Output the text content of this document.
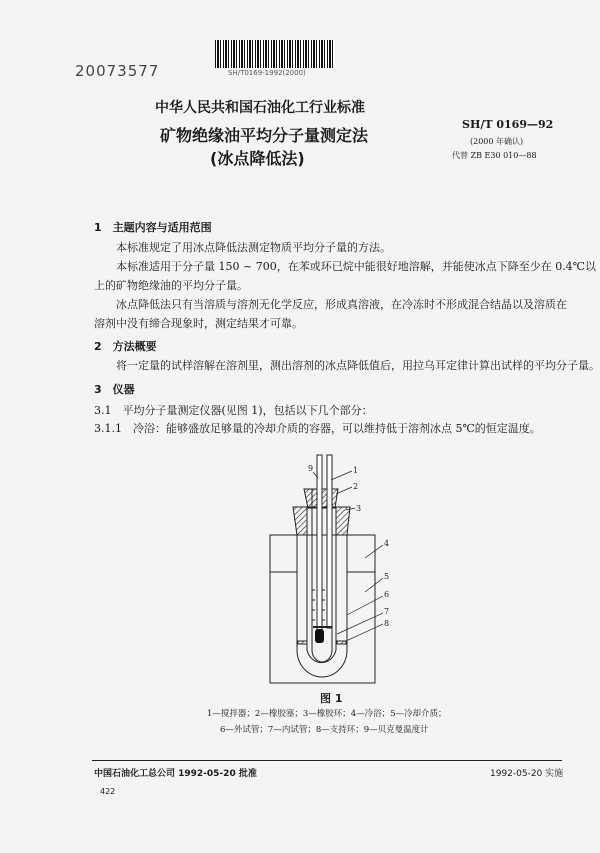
20073577	SH/T0169-1992(2000)
中华人民共和国石油化工行业标准
SH/T 0169—92
(2000 年确认)
代替 ZB E30 010—88
矿物绝缘油平均分子量测定法
(冰点降低法)
1　主题内容与适用范围
本标准规定了用冰点降低法测定物质平均分子量的方法。
本标准适用于分子量 150 ~ 700，在苯或环已烷中能很好地溶解，并能使冰点下降至少在 0.4℃以
上的矿物绝缘油的平均分子量。
冰点降低法只有当溶质与溶剂无化学反应，形成真溶液，在冷冻时不形成混合结晶以及溶质在
溶剂中没有缔合现象时，测定结果才可靠。
2　方法概要
将一定量的试样溶解在溶剂里，测出溶剂的冰点降低值后，用拉乌耳定律计算出试样的平均分子量。
3　仪器
3.1　平均分子量测定仪器(见图 1)，包括以下几个部分：
3.1.1　冷浴：能够盛放足够量的冷却介质的容器，可以维持低于溶剂冰点 5℃的恒定温度。
1
2
3
4
5
6
7
8
9
图 1
1—搅拌器；2—橡胶塞；3—橡胶环；4—冷浴；5—冷却介质；
6—外试管；7—内试管；8—支持环；9—贝克曼温度计
中国石油化工总公司 1992-05-20 批准	1992-05-20 实施
422
